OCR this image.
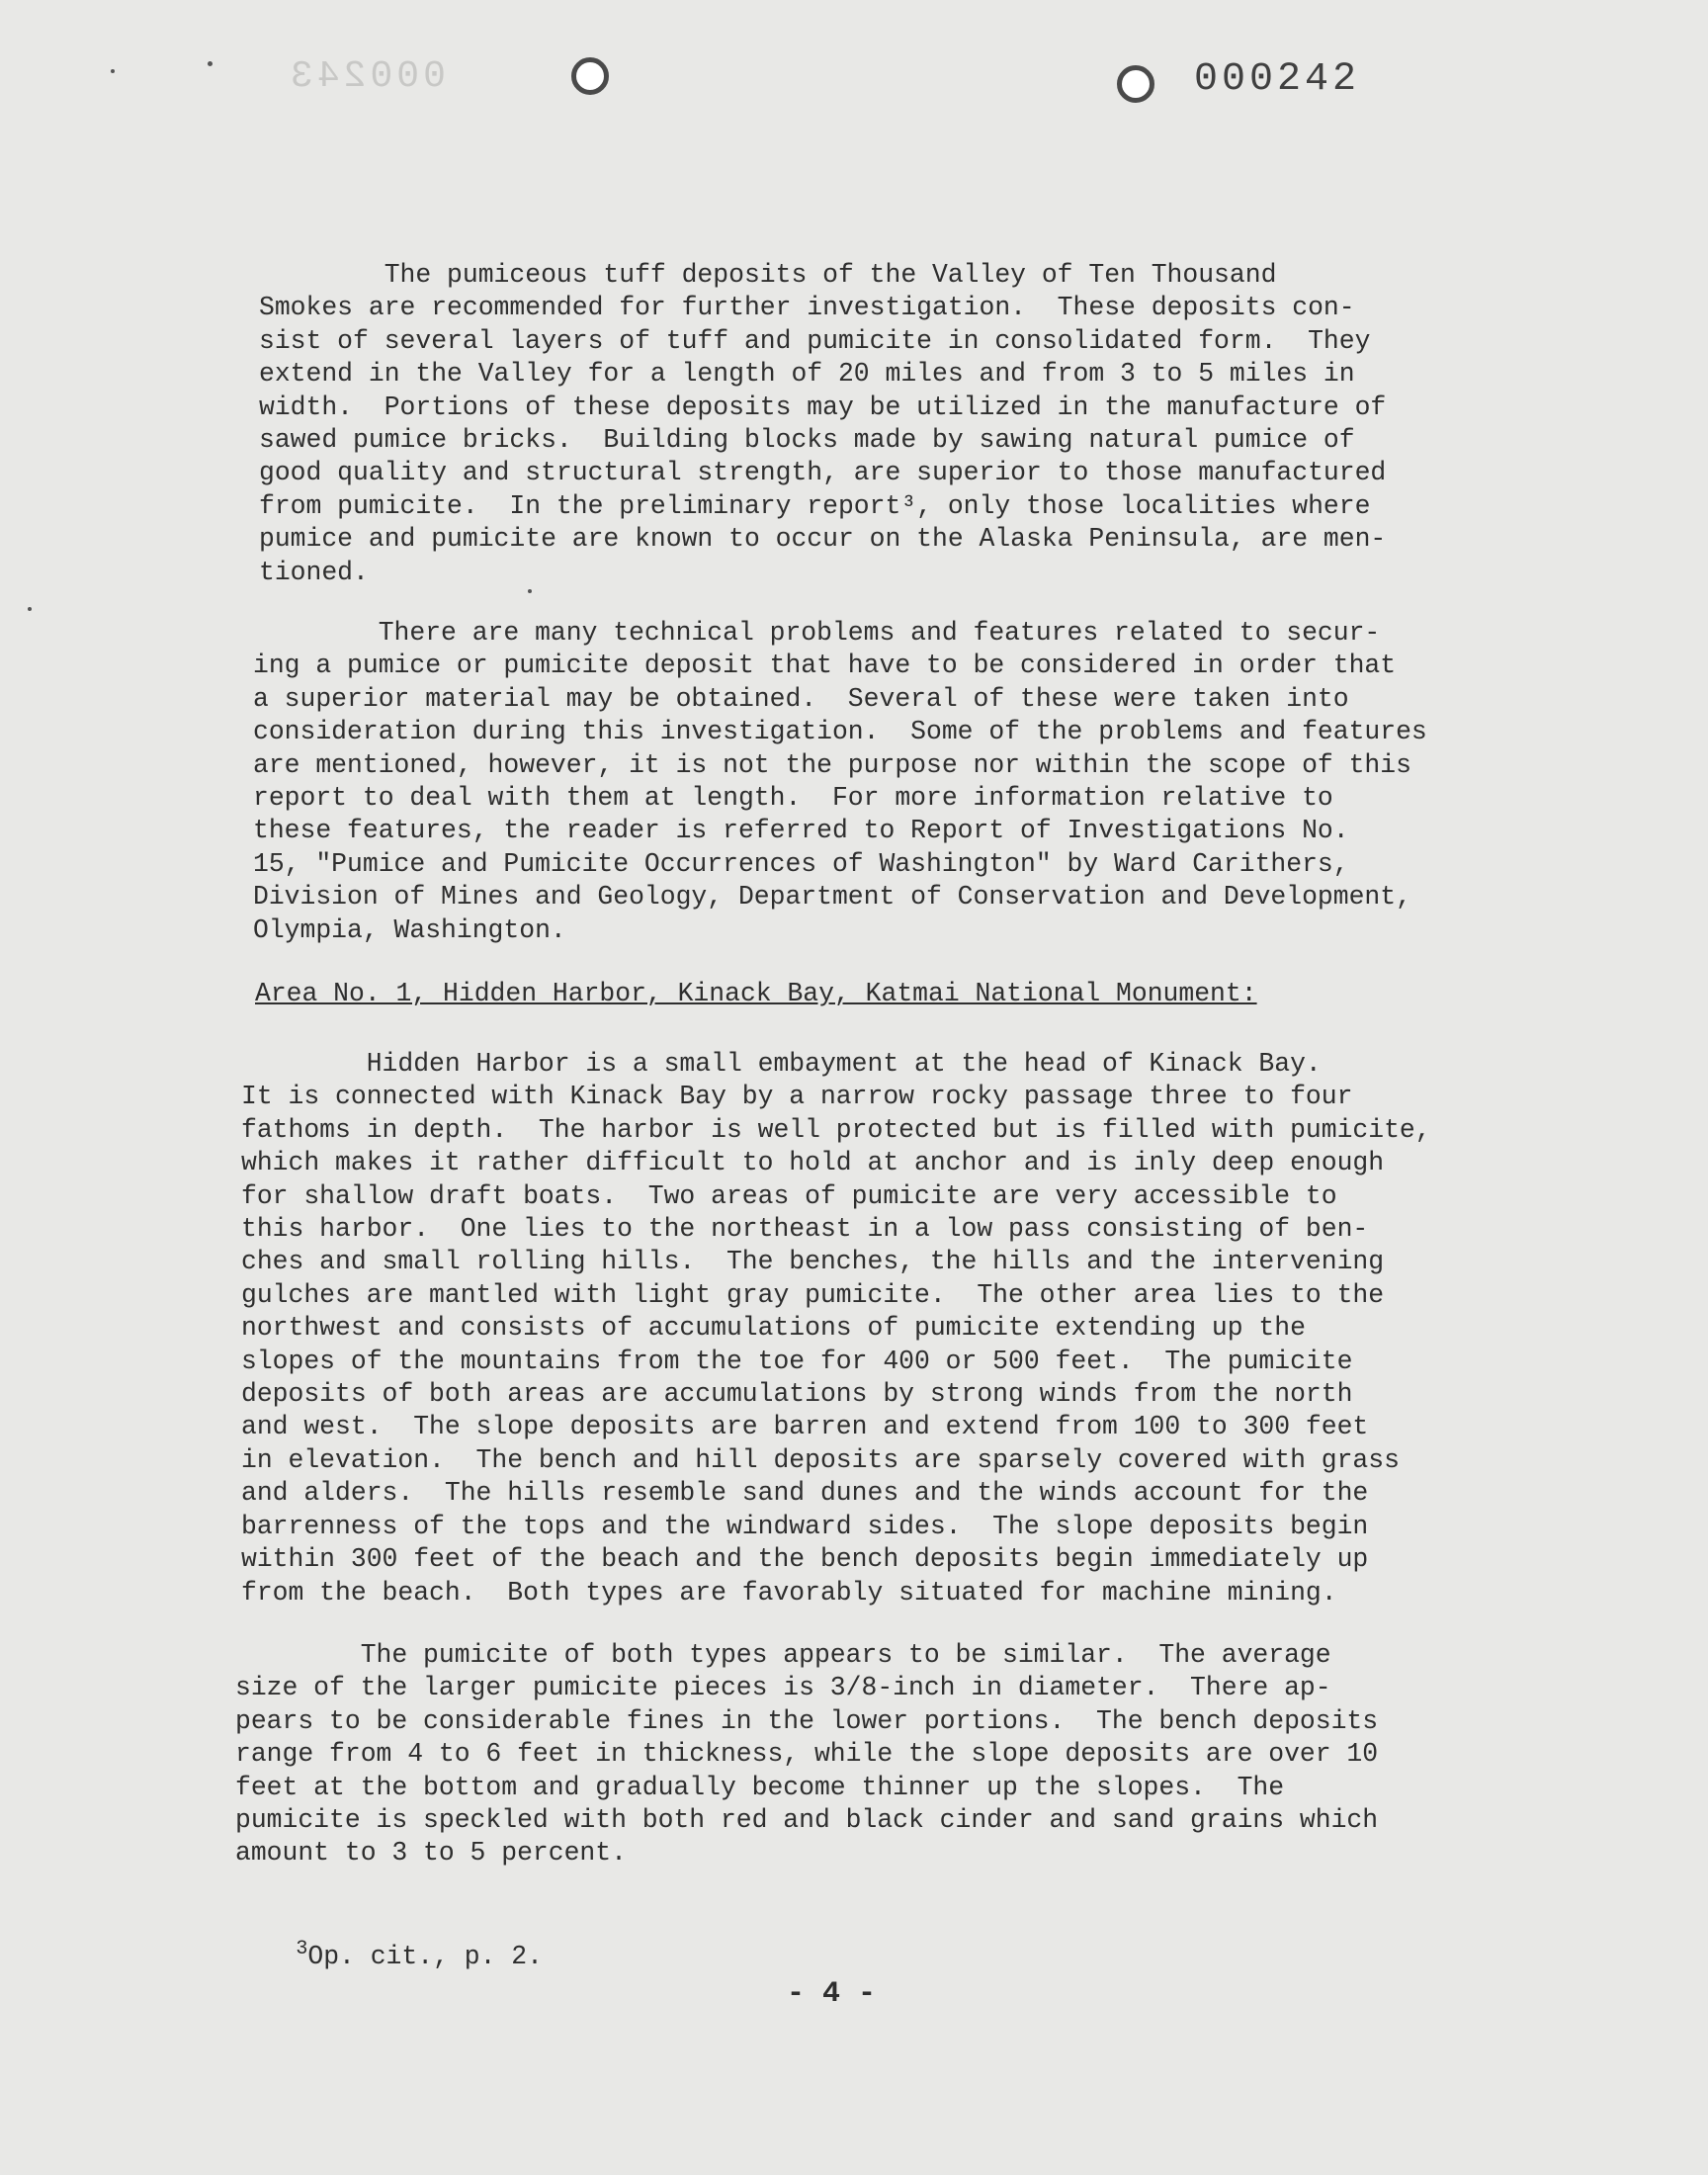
000243	000242
The pumiceous tuff deposits of the Valley of Ten Thousand
Smokes are recommended for further investigation.  These deposits con-
sist of several layers of tuff and pumicite in consolidated form.  They
extend in the Valley for a length of 20 miles and from 3 to 5 miles in
width.  Portions of these deposits may be utilized in the manufacture of
sawed pumice bricks.  Building blocks made by sawing natural pumice of
good quality and structural strength, are superior to those manufactured
from pumicite.  In the preliminary report³, only those localities where
pumice and pumicite are known to occur on the Alaska Peninsula, are men-
tioned.
There are many technical problems and features related to secur-
ing a pumice or pumicite deposit that have to be considered in order that
a superior material may be obtained.  Several of these were taken into
consideration during this investigation.  Some of the problems and features
are mentioned, however, it is not the purpose nor within the scope of this
report to deal with them at length.  For more information relative to
these features, the reader is referred to Report of Investigations No.
15, "Pumice and Pumicite Occurrences of Washington" by Ward Carithers,
Division of Mines and Geology, Department of Conservation and Development,
Olympia, Washington.
Area No. 1, Hidden Harbor, Kinack Bay, Katmai National Monument:
Hidden Harbor is a small embayment at the head of Kinack Bay.
It is connected with Kinack Bay by a narrow rocky passage three to four
fathoms in depth.  The harbor is well protected but is filled with pumicite,
which makes it rather difficult to hold at anchor and is inly deep enough
for shallow draft boats.  Two areas of pumicite are very accessible to
this harbor.  One lies to the northeast in a low pass consisting of ben-
ches and small rolling hills.  The benches, the hills and the intervening
gulches are mantled with light gray pumicite.  The other area lies to the
northwest and consists of accumulations of pumicite extending up the
slopes of the mountains from the toe for 400 or 500 feet.  The pumicite
deposits of both areas are accumulations by strong winds from the north
and west.  The slope deposits are barren and extend from 100 to 300 feet
in elevation.  The bench and hill deposits are sparsely covered with grass
and alders.  The hills resemble sand dunes and the winds account for the
barrenness of the tops and the windward sides.  The slope deposits begin
within 300 feet of the beach and the bench deposits begin immediately up
from the beach.  Both types are favorably situated for machine mining.
The pumicite of both types appears to be similar.  The average
size of the larger pumicite pieces is 3/8-inch in diameter.  There ap-
pears to be considerable fines in the lower portions.  The bench deposits
range from 4 to 6 feet in thickness, while the slope deposits are over 10
feet at the bottom and gradually become thinner up the slopes.  The
pumicite is speckled with both red and black cinder and sand grains which
amount to 3 to 5 percent.

$^3$Op. cit., p. 2.

- 4 -
